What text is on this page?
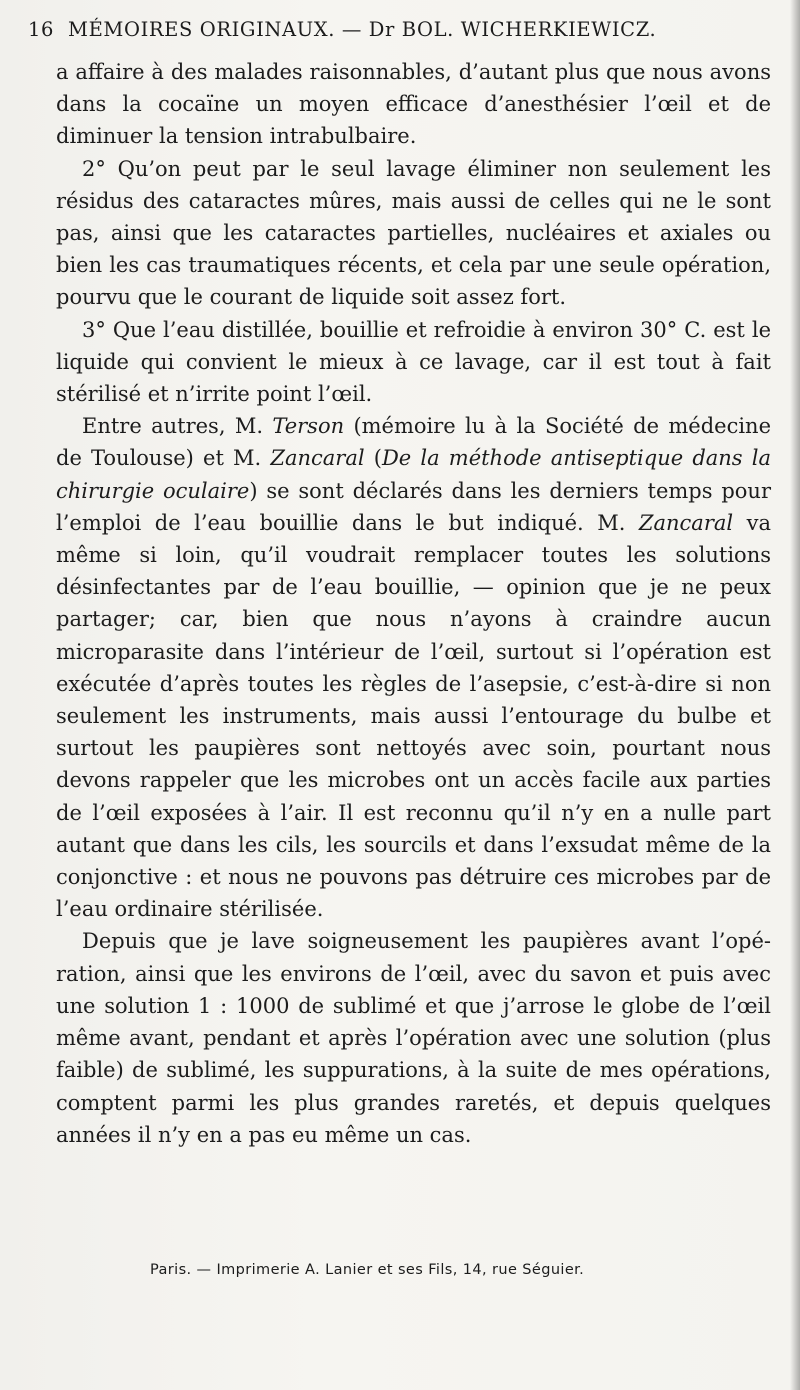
16 MÉMOIRES ORIGINAUX. — Dr BOL. WICHERKIEWICZ.

a affaire à des malades raisonnables, d’autant plus que nous avons dans la cocaïne un moyen efficace d’anesthésier l’œil et de diminuer la tension intrabulbaire.

2° Qu’on peut par le seul lavage éliminer non seulement les résidus des cataractes mûres, mais aussi de celles qui ne le sont pas, ainsi que les cataractes partielles, nucléaires et axiales ou bien les cas traumatiques récents, et cela par une seule opération, pourvu que le courant de liquide soit assez fort.

3° Que l’eau distillée, bouillie et refroidie à environ 30° C. est le liquide qui convient le mieux à ce lavage, car il est tout à fait stérilisé et n’irrite point l’œil.

Entre autres, M. Terson (mémoire lu à la Société de médecine de Toulouse) et M. Zancaral (De la méthode antiseptique dans la chirurgie oculaire) se sont déclarés dans les derniers temps pour l’emploi de l’eau bouillie dans le but indiqué. M. Zancaral va même si loin, qu’il voudrait remplacer toutes les solutions désinfectantes par de l’eau bouillie, — opinion que je ne peux partager; car, bien que nous n’ayons à craindre aucun microparasite dans l’intérieur de l’œil, surtout si l’opération est exécutée d’après toutes les règles de l’asepsie, c’est-à-dire si non seulement les instruments, mais aussi l’entourage du bulbe et surtout les paupières sont nettoyés avec soin, pourtant nous devons rappeler que les microbes ont un accès facile aux parties de l’œil exposées à l’air. Il est reconnu qu’il n’y en a nulle part autant que dans les cils, les sourcils et dans l’exsudat même de la conjonctive : et nous ne pouvons pas détruire ces microbes par de l’eau ordinaire stérilisée.

Depuis que je lave soigneusement les paupières avant l’opération, ainsi que les environs de l’œil, avec du savon et puis avec une solution 1 : 1000 de sublimé et que j’arrose le globe de l’œil même avant, pendant et après l’opération avec une solution (plus faible) de sublimé, les suppurations, à la suite de mes opérations, comptent parmi les plus grandes raretés, et depuis quelques années il n’y en a pas eu même un cas.

Paris. — Imprimerie A. Lanier et ses Fils, 14, rue Séguier.
